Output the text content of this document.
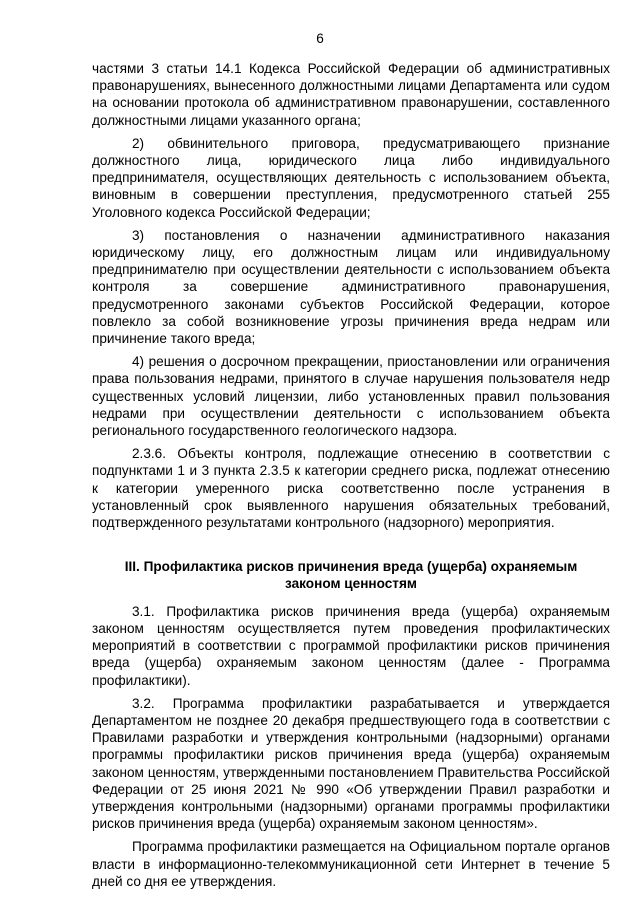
6

частями 3 статьи 14.1 Кодекса Российской Федерации об административных правонарушениях, вынесенного должностными лицами Департамента или судом на основании протокола об административном правонарушении, составленного должностными лицами указанного органа;

2) обвинительного приговора, предусматривающего признание должностного лица, юридического лица либо индивидуального предпринимателя, осуществляющих деятельность с использованием объекта, виновным в совершении преступления, предусмотренного статьей 255 Уголовного кодекса Российской Федерации;

3) постановления о назначении административного наказания юридическому лицу, его должностным лицам или индивидуальному предпринимателю при осуществлении деятельности с использованием объекта контроля за совершение административного правонарушения, предусмотренного законами субъектов Российской Федерации, которое повлекло за собой возникновение угрозы причинения вреда недрам или причинение такого вреда;

4) решения о досрочном прекращении, приостановлении или ограничения права пользования недрами, принятого в случае нарушения пользователя недр существенных условий лицензии, либо установленных правил пользования недрами при осуществлении деятельности с использованием объекта регионального государственного геологического надзора.

2.3.6. Объекты контроля, подлежащие отнесению в соответствии с подпунктами 1 и 3 пункта 2.3.5 к категории среднего риска, подлежат отнесению к категории умеренного риска соответственно после устранения в установленный срок выявленного нарушения обязательных требований, подтвержденного результатами контрольного (надзорного) мероприятия.

III. Профилактика рисков причинения вреда (ущерба) охраняемым законом ценностям

3.1. Профилактика рисков причинения вреда (ущерба) охраняемым законом ценностям осуществляется путем проведения профилактических мероприятий в соответствии с программой профилактики рисков причинения вреда (ущерба) охраняемым законом ценностям (далее - Программа профилактики).

3.2. Программа профилактики разрабатывается и утверждается Департаментом не позднее 20 декабря предшествующего года в соответствии с Правилами разработки и утверждения контрольными (надзорными) органами программы профилактики рисков причинения вреда (ущерба) охраняемым законом ценностям, утвержденными постановлением Правительства Российской Федерации от 25 июня 2021 № 990 «Об утверждении Правил разработки и утверждения контрольными (надзорными) органами программы профилактики рисков причинения вреда (ущерба) охраняемым законом ценностям».

Программа профилактики размещается на Официальном портале органов власти в информационно-телекоммуникационной сети Интернет в течение 5 дней со дня ее утверждения.
